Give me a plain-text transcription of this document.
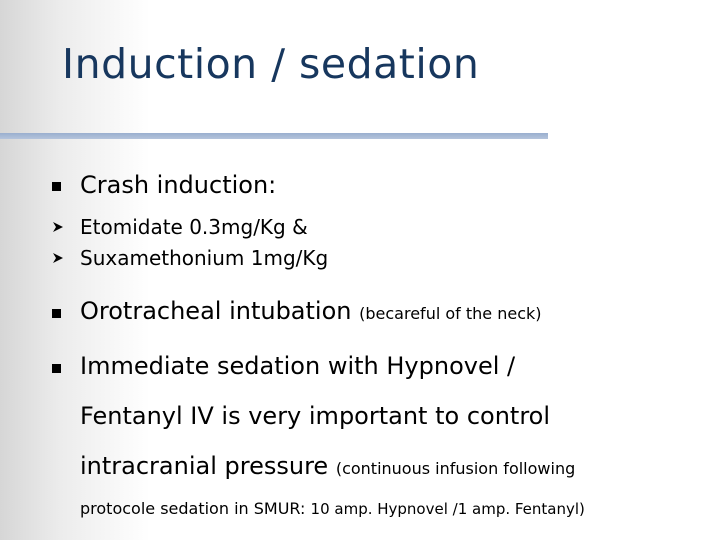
Induction / sedation
Crash induction:
Etomidate 0.3mg/Kg &
Suxamethonium 1mg/Kg
Orotracheal intubation (becareful of the neck)
Immediate sedation with Hypnovel /
Fentanyl IV is very important to control
intracranial pressure (continuous infusion following
protocole sedation in SMUR: 10 amp. Hypnovel /1 amp. Fentanyl)
